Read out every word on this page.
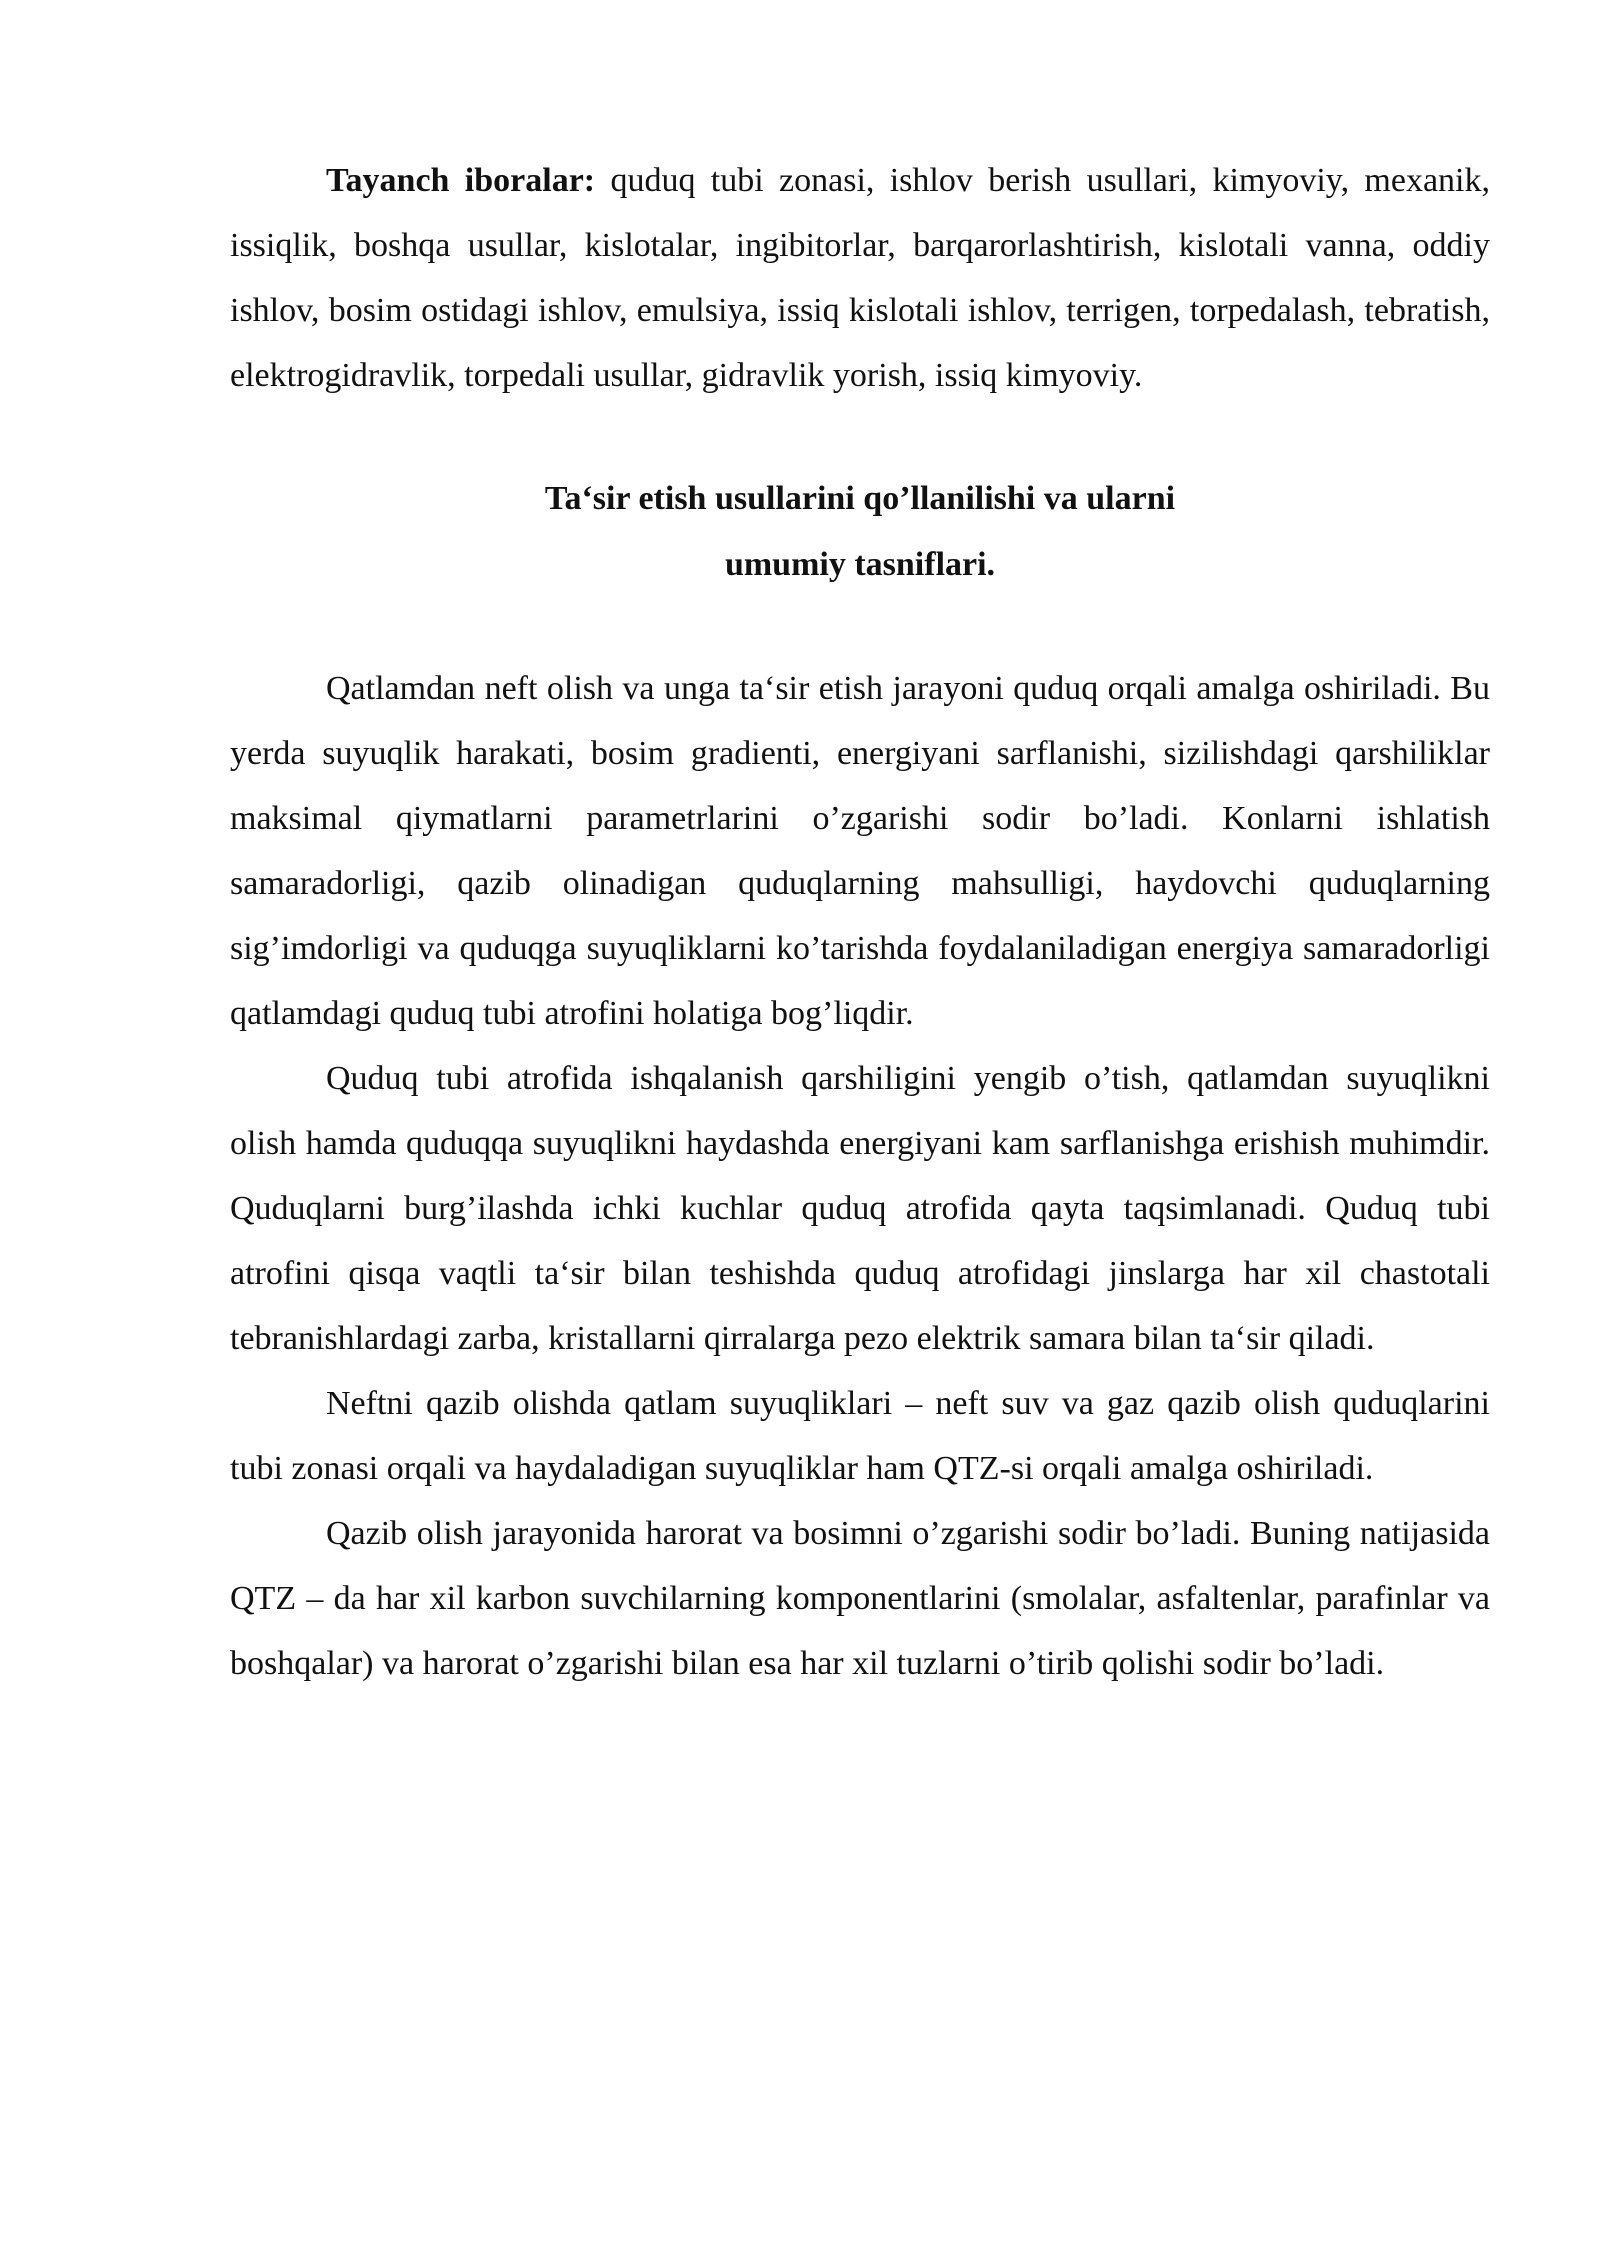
Tayanch iboralar: quduq tubi zonasi, ishlov berish usullari, kimyoviy, mexanik, issiqlik, boshqa usullar, kislotalar, ingibitorlar, barqarorlashtirish, kislotali vanna, oddiy ishlov, bosim ostidagi ishlov, emulsiya, issiq kislotali ishlov, terrigen, torpedalash, tebratish, elektrogidravlik, torpedali usullar, gidravlik yorish, issiq kimyoviy.

Ta‘sir etish usullarini qo’llanilishi va ularni
umumiy tasniflari.

Qatlamdan neft olish va unga ta‘sir etish jarayoni quduq orqali amalga oshiriladi. Bu yerda suyuqlik harakati, bosim gradienti, energiyani sarflanishi, sizilishdagi qarshiliklar maksimal qiymatlarni parametrlarini o’zgarishi sodir bo’ladi. Konlarni ishlatish samaradorligi, qazib olinadigan quduqlarning mahsulligi, haydovchi quduqlarning sig’imdorligi va quduqga suyuqliklarni ko’tarishda foydalaniladigan energiya samaradorligi qatlamdagi quduq tubi atrofini holatiga bog’liqdir.

Quduq tubi atrofida ishqalanish qarshiligini yengib o’tish, qatlamdan suyuqlikni olish hamda quduqqa suyuqlikni haydashda energiyani kam sarflanishga erishish muhimdir. Quduqlarni burg’ilashda ichki kuchlar quduq atrofida qayta taqsimlanadi. Quduq tubi atrofini qisqa vaqtli ta‘sir bilan teshishda quduq atrofidagi jinslarga har xil chastotali tebranishlardagi zarba, kristallarni qirralarga pezo elektrik samara bilan ta‘sir qiladi.

Neftni qazib olishda qatlam suyuqliklari – neft suv va gaz qazib olish quduqlarini tubi zonasi orqali va haydaladigan suyuqliklar ham QTZ-si orqali amalga oshiriladi.

Qazib olish jarayonida harorat va bosimni o’zgarishi sodir bo’ladi. Buning natijasida QTZ – da har xil karbon suvchilarning komponentlarini (smolalar, asfaltenlar, parafinlar va boshqalar) va harorat o’zgarishi bilan esa har xil tuzlarni o’tirib qolishi sodir bo’ladi.
